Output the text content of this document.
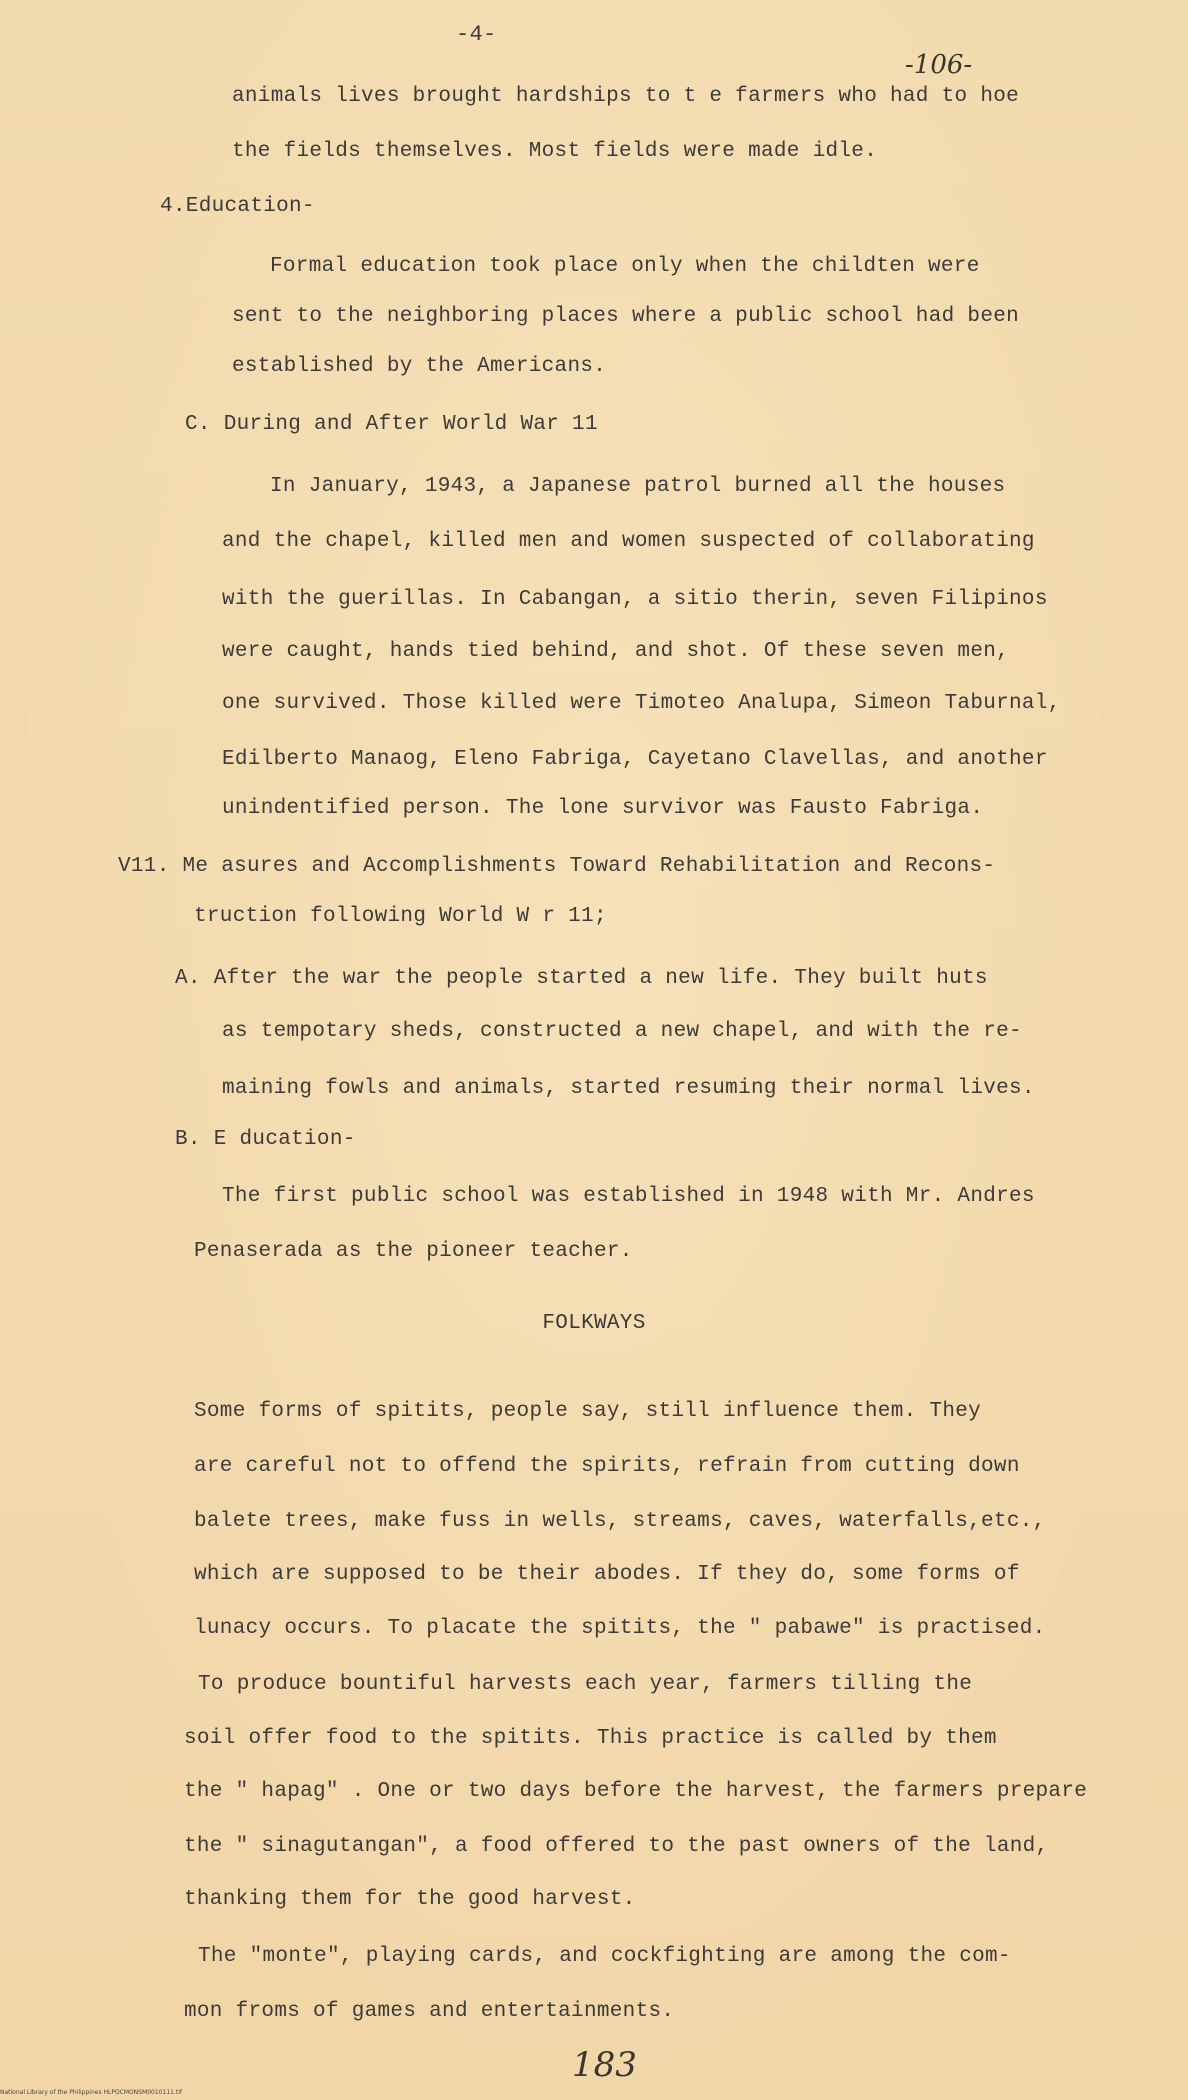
-4-
-106-
animals lives brought hardships to t e farmers who had to hoe
the fields themselves. Most fields were made idle.
4.Education-
Formal education took place only when the childten were
sent to the neighboring places where a public school had been
established by the Americans.
C. During and After World War 11
In January, 1943, a Japanese patrol burned all the houses
and the chapel, killed men and women suspected of collaborating
with the guerillas. In Cabangan, a sitio therin, seven Filipinos
were caught, hands tied behind, and shot. Of these seven men,
one survived. Those killed were Timoteo Analupa, Simeon Taburnal,
Edilberto Manaog, Eleno Fabriga, Cayetano Clavellas, and another
unindentified person. The lone survivor was Fausto Fabriga.
V11. Me asures and Accomplishments Toward Rehabilitation and Recons-
truction following World W r 11;
A. After the war the people started a new life. They built huts
as tempotary sheds, constructed a new chapel, and with the re-
maining fowls and animals, started resuming their normal lives.
B. E ducation-
The first public school was established in 1948 with Mr. Andres
Penaserada as the pioneer teacher.
FOLKWAYS
Some forms of spitits, people say, still influence them. They
are careful not to offend the spirits, refrain from cutting down
balete trees, make fuss in wells, streams, caves, waterfalls,etc.,
which are supposed to be their abodes. If they do, some forms of
lunacy occurs. To placate the spitits, the " pabawe" is practised.
To produce bountiful harvests each year, farmers tilling the
soil offer food to the spitits. This practice is called by them
the " hapag" . One or two days before the harvest, the farmers prepare
the " sinagutangan", a food offered to the past owners of the land,
thanking them for the good harvest.
The "monte", playing cards, and cockfighting are among the com-
mon froms of games and entertainments.
183
National Library of the Philippines HLPOCMONSM0010111.tif
